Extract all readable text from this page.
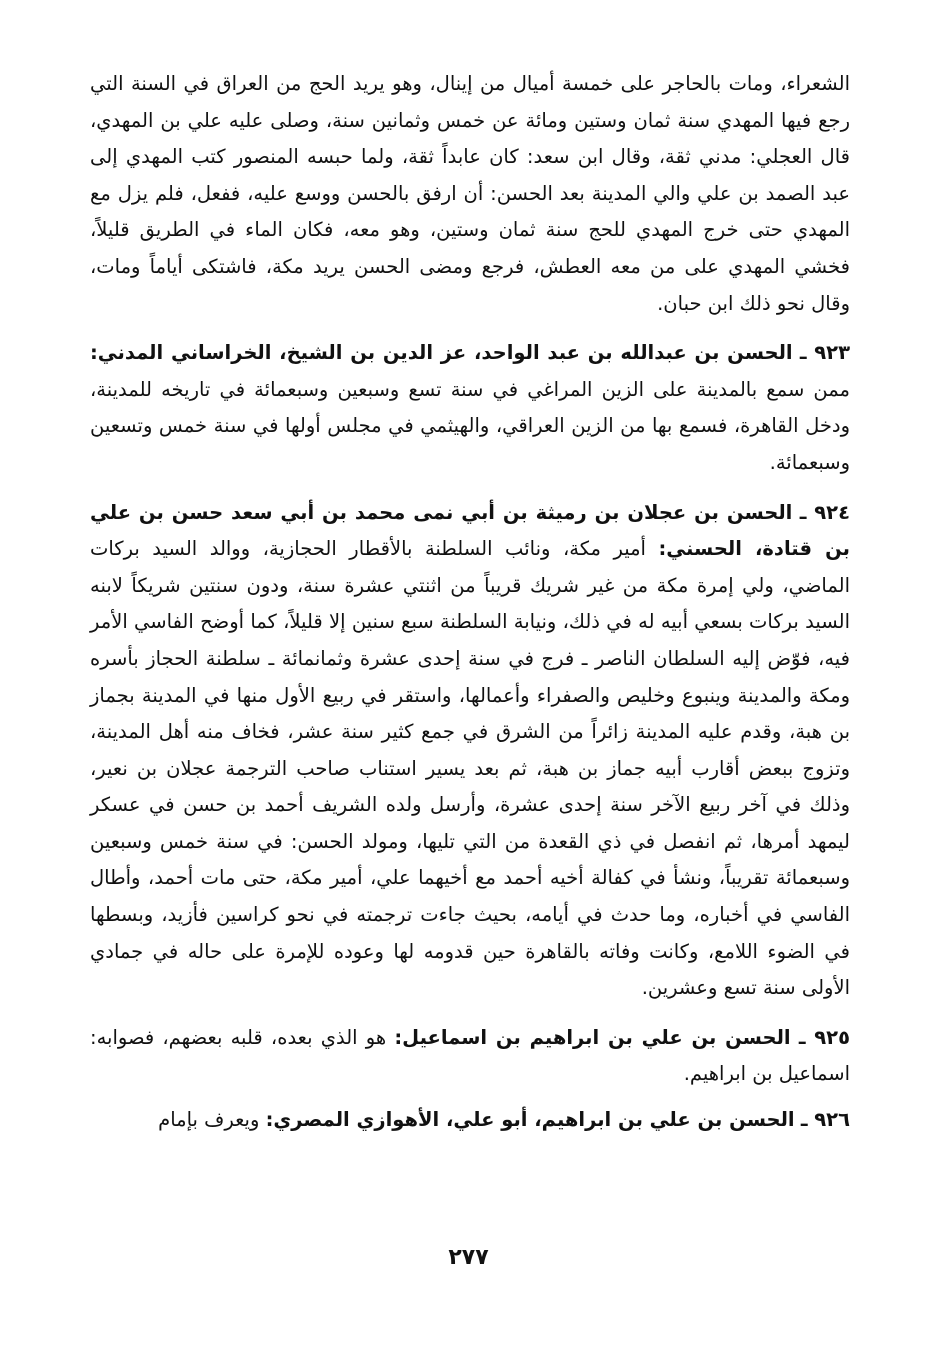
الشعراء، ومات بالحاجر على خمسة أميال من إينال، وهو يريد الحج من العراق في السنة التي رجع فيها المهدي سنة ثمان وستين ومائة عن خمس وثمانين سنة، وصلى عليه علي بن المهدي، قال العجلي: مدني ثقة، وقال ابن سعد: كان عابداً ثقة، ولما حبسه المنصور كتب المهدي إلى عبد الصمد بن علي والي المدينة بعد الحسن: أن ارفق بالحسن ووسع عليه، ففعل، فلم يزل مع المهدي حتى خرج المهدي للحج سنة ثمان وستين، وهو معه، فكان الماء في الطريق قليلاً، فخشي المهدي على من معه العطش، فرجع ومضى الحسن يريد مكة، فاشتكى أياماً ومات، وقال نحو ذلك ابن حبان.

٩٢٣ ـ الحسن بن عبدالله بن عبد الواحد، عز الدين بن الشيخ، الخراساني المدني: ممن سمع بالمدينة على الزين المراغي في سنة تسع وسبعين وسبعمائة في تاريخه للمدينة، ودخل القاهرة، فسمع بها من الزين العراقي، والهيثمي في مجلس أولها في سنة خمس وتسعين وسبعمائة.

٩٢٤ ـ الحسن بن عجلان بن رميثة بن أبي نمى محمد بن أبي سعد حسن بن علي بن قتادة، الحسني: أمير مكة، ونائب السلطنة بالأقطار الحجازية، ووالد السيد بركات الماضي، ولي إمرة مكة من غير شريك قريباً من اثنتي عشرة سنة، ودون سنتين شريكاً لابنه السيد بركات بسعي أبيه له في ذلك، ونيابة السلطنة سبع سنين إلا قليلاً، كما أوضح الفاسي الأمر فيه، فوّض إليه السلطان الناصر ـ فرج في سنة إحدى عشرة وثمانمائة ـ سلطنة الحجاز بأسره ومكة والمدينة وينبوع وخليص والصفراء وأعمالها، واستقر في ربيع الأول منها في المدينة بجماز بن هبة، وقدم عليه المدينة زائراً من الشرق في جمع كثير سنة عشر، فخاف منه أهل المدينة، وتزوج ببعض أقارب أبيه جماز بن هبة، ثم بعد يسير استناب صاحب الترجمة عجلان بن نعير، وذلك في آخر ربيع الآخر سنة إحدى عشرة، وأرسل ولده الشريف أحمد بن حسن في عسكر ليمهد أمرها، ثم انفصل في ذي القعدة من التي تليها، ومولد الحسن: في سنة خمس وسبعين وسبعمائة تقريباً، ونشأ في كفالة أخيه أحمد مع أخيهما علي، أمير مكة، حتى مات أحمد، وأطال الفاسي في أخباره، وما حدث في أيامه، بحيث جاءت ترجمته في نحو كراسين فأزيد، وبسطها في الضوء اللامع، وكانت وفاته بالقاهرة حين قدومه لها وعوده للإمرة على حاله في جمادي الأولى سنة تسع وعشرين.

٩٢٥ ـ الحسن بن علي بن ابراهيم بن اسماعيل: هو الذي بعده، قلبه بعضهم، فصوابه: اسماعيل بن ابراهيم.

٩٢٦ ـ الحسن بن علي بن ابراهيم، أبو علي، الأهوازي المصري: ويعرف بإمام

٢٧٧
